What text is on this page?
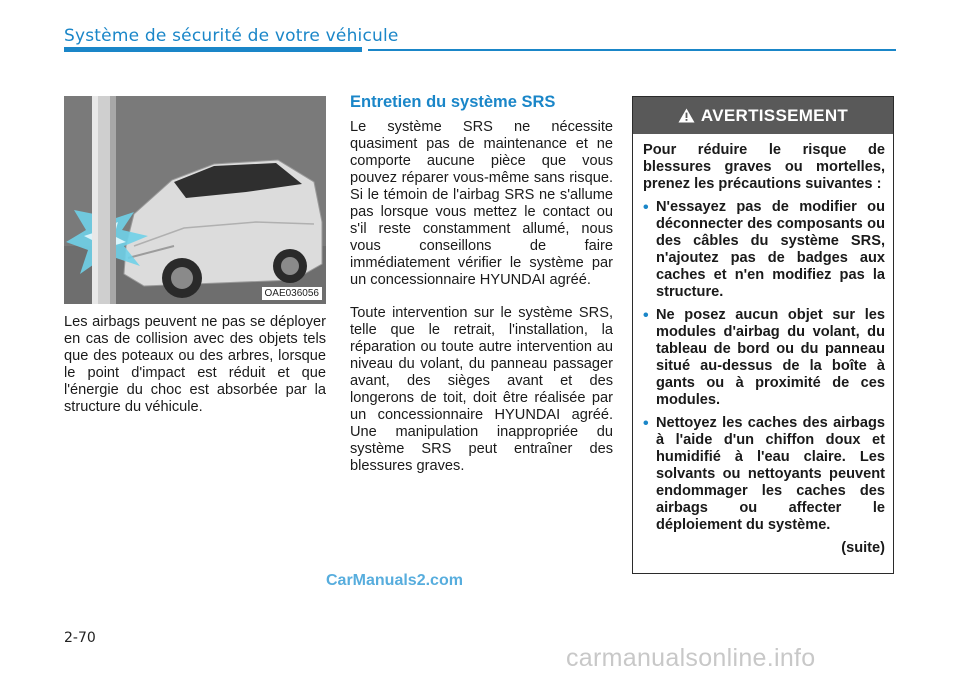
Système de sécurité de votre véhicule
OAE036056

Les airbags peuvent ne pas se déployer en cas de collision avec des objets tels que des poteaux ou des arbres, lorsque le point d'impact est réduit et que l'énergie du choc est absorbée par la structure du véhicule.

Entretien du système SRS

Le système SRS ne nécessite quasiment pas de maintenance et ne comporte aucune pièce que vous pouvez réparer vous-même sans risque. Si le témoin de l'airbag SRS ne s'allume pas lorsque vous mettez le contact ou s'il reste constamment allumé, nous vous conseillons de faire immédiatement vérifier le système par un concessionnaire HYUNDAI agréé.

Toute intervention sur le système SRS, telle que le retrait, l'installation, la réparation ou toute autre intervention au niveau du volant, du panneau passager avant, des sièges avant et des longerons de toit, doit être réalisée par un concessionnaire HYUNDAI agréé. Une manipulation inappropriée du système SRS peut entraîner des blessures graves.

AVERTISSEMENT

Pour réduire le risque de blessures graves ou mortelles, prenez les précautions suivantes :

• N'essayez pas de modifier ou déconnecter des composants ou des câbles du système SRS, n'ajoutez pas de badges aux caches et n'en modifiez pas la structure.
• Ne posez aucun objet sur les modules d'airbag du volant, du tableau de bord ou du panneau situé au-dessus de la boîte à gants ou à proximité de ces modules.
• Nettoyez les caches des airbags à l'aide d'un chiffon doux et humidifié à l'eau claire. Les solvants ou nettoyants peuvent endommager les caches des airbags ou affecter le déploiement du système.

(suite)

CarManuals2.com
2-70
carmanualsonline.info
